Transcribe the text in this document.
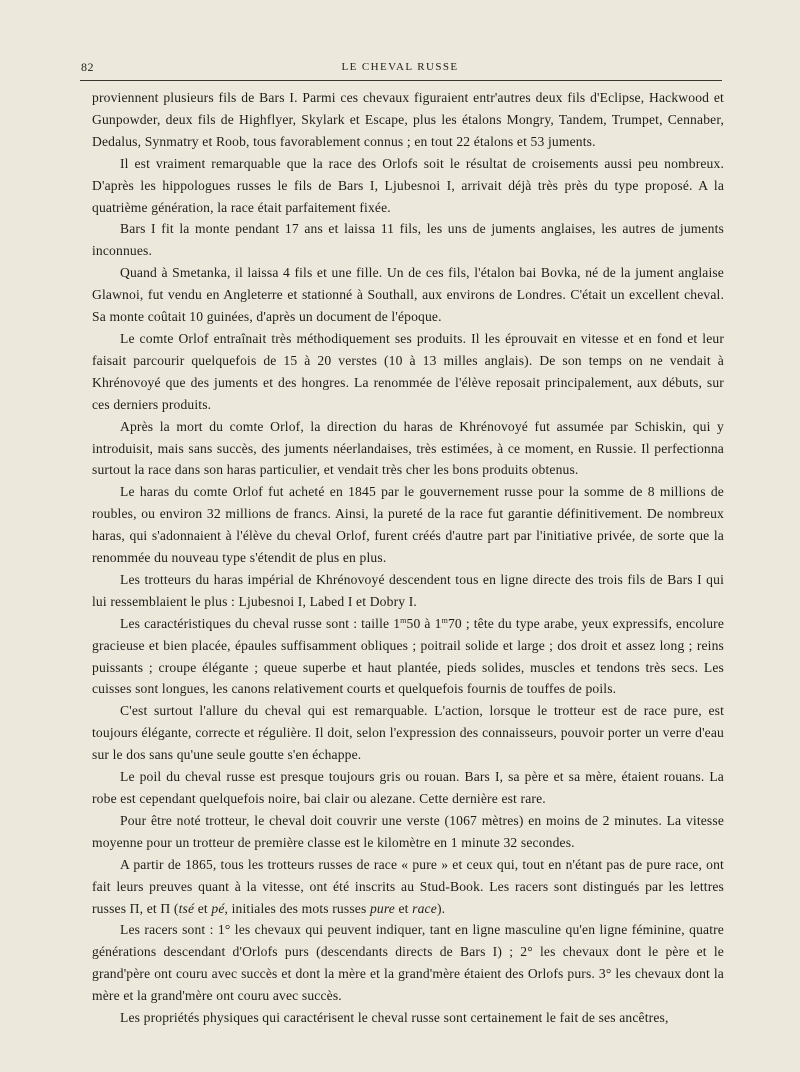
82	LE CHEVAL RUSSE

proviennent plusieurs fils de Bars I. Parmi ces chevaux figuraient entr'autres deux fils d'Eclipse, Hackwood et Gunpowder, deux fils de Highflyer, Skylark et Escape, plus les étalons Mongry, Tandem, Trumpet, Cennaber, Dedalus, Synmatry et Roob, tous favorablement connus ; en tout 22 étalons et 53 juments.

Il est vraiment remarquable que la race des Orlofs soit le résultat de croisements aussi peu nombreux. D'après les hippologues russes le fils de Bars I, Ljubesnoi I, arrivait déjà très près du type proposé. A la quatrième génération, la race était parfaitement fixée.

Bars I fit la monte pendant 17 ans et laissa 11 fils, les uns de juments anglaises, les autres de juments inconnues.

Quand à Smetanka, il laissa 4 fils et une fille. Un de ces fils, l'étalon bai Bovka, né de la jument anglaise Glawnoi, fut vendu en Angleterre et stationné à Southall, aux environs de Londres. C'était un excellent cheval. Sa monte coûtait 10 guinées, d'après un document de l'époque.

Le comte Orlof entraînait très méthodiquement ses produits. Il les éprouvait en vitesse et en fond et leur faisait parcourir quelquefois de 15 à 20 verstes (10 à 13 milles anglais). De son temps on ne vendait à Khrénovoyé que des juments et des hongres. La renommée de l'élève reposait principalement, aux débuts, sur ces derniers produits.

Après la mort du comte Orlof, la direction du haras de Khrénovoyé fut assumée par Schiskin, qui y introduisit, mais sans succès, des juments néerlandaises, très estimées, à ce moment, en Russie. Il perfectionna surtout la race dans son haras particulier, et vendait très cher les bons produits obtenus.

Le haras du comte Orlof fut acheté en 1845 par le gouvernement russe pour la somme de 8 millions de roubles, ou environ 32 millions de francs. Ainsi, la pureté de la race fut garantie définitivement. De nombreux haras, qui s'adonnaient à l'élève du cheval Orlof, furent créés d'autre part par l'initiative privée, de sorte que la renommée du nouveau type s'étendit de plus en plus.

Les trotteurs du haras impérial de Khrénovoyé descendent tous en ligne directe des trois fils de Bars I qui lui ressemblaient le plus : Ljubesnoi I, Labed I et Dobry I.

Les caractéristiques du cheval russe sont : taille 1$^m$50 à 1$^m$70 ; tête du type arabe, yeux expressifs, encolure gracieuse et bien placée, épaules suffisamment obliques ; poitrail solide et large ; dos droit et assez long ; reins puissants ; croupe élégante ; queue superbe et haut plantée, pieds solides, muscles et tendons très secs. Les cuisses sont longues, les canons relativement courts et quelquefois fournis de touffes de poils.

C'est surtout l'allure du cheval qui est remarquable. L'action, lorsque le trotteur est de race pure, est toujours élégante, correcte et régulière. Il doit, selon l'expression des connaisseurs, pouvoir porter un verre d'eau sur le dos sans qu'une seule goutte s'en échappe.

Le poil du cheval russe est presque toujours gris ou rouan. Bars I, sa père et sa mère, étaient rouans. La robe est cependant quelquefois noire, bai clair ou alezane. Cette dernière est rare.

Pour être noté trotteur, le cheval doit couvrir une verste (1067 mètres) en moins de 2 minutes. La vitesse moyenne pour un trotteur de première classe est le kilomètre en 1 minute 32 secondes.

A partir de 1865, tous les trotteurs russes de race « pure » et ceux qui, tout en n'étant pas de pure race, ont fait leurs preuves quant à la vitesse, ont été inscrits au Stud-Book. Les racers sont distingués par les lettres russes П, et П (tsé et pé, initiales des mots russes pure et race).

Les racers sont : 1° les chevaux qui peuvent indiquer, tant en ligne masculine qu'en ligne féminine, quatre générations descendant d'Orlofs purs (descendants directs de Bars I) ; 2° les chevaux dont le père et le grand'père ont couru avec succès et dont la mère et la grand'mère étaient des Orlofs purs. 3° les chevaux dont la mère et la grand'mère ont couru avec succès.

Les propriétés physiques qui caractérisent le cheval russe sont certainement le fait de ses ancêtres,
